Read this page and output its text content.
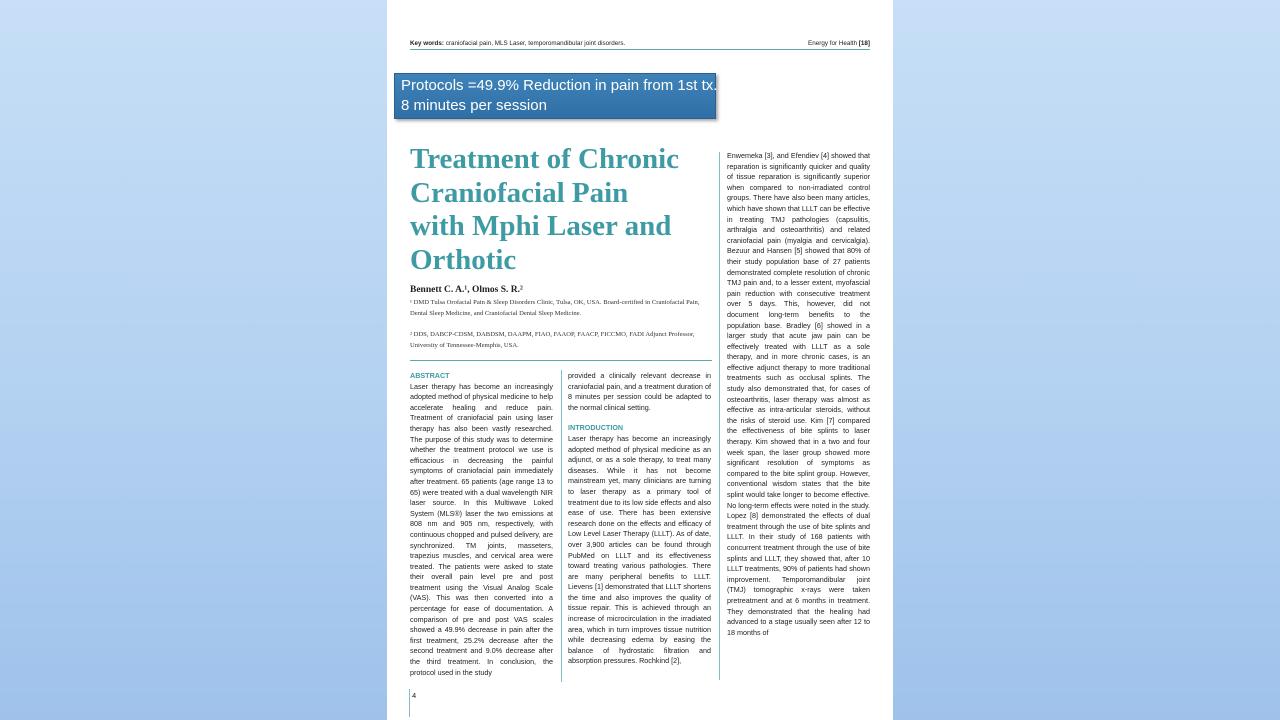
Key words: craniofacial pain, MLS Laser, temporomandibular joint disorders.	Energy for Health [18]
Protocols =49.9% Reduction in pain from 1st tx.
8 minutes per session
Treatment of Chronic
Craniofacial Pain
with Mphi Laser and
Orthotic
Bennett C. A.¹, Olmos S. R.²
¹ DMD Tulsa Orofacial Pain & Sleep Disorders Clinic, Tulsa, OK, USA. Board-certified in Craniofacial Pain, Dental Sleep Medicine, and Craniofacial Dental Sleep Medicine.
² DDS, DABCP-CDSM, DABDSM, DAAPM, FIAO, FAAOP, FAACP, FICCMO, FADI Adjunct Professor, University of Tennessee-Memphis, USA.
ABSTRACT
Laser therapy has become an increasingly adopted method of physical medicine to help accelerate healing and reduce pain. Treatment of craniofacial pain using laser therapy has also been vastly researched. The purpose of this study was to determine whether the treatment protocol we use is efficacious in decreasing the painful symptoms of craniofacial pain immediately after treatment. 65 patients (age range 13 to 65) were treated with a dual wavelength NIR laser source. In this Multiwave Loked System (MLS®) laser the two emissions at 808 nm and 905 nm, respectively, with continuous chopped and pulsed delivery, are synchronized. TM joints, masseters, trapezius muscles, and cervical area were treated. The patients were asked to state their overall pain level pre and post treatment using the Visual Analog Scale (VAS). This was then converted into a percentage for ease of documentation. A comparison of pre and post VAS scales showed a 49.9% decrease in pain after the first treatment, 25.2% decrease after the second treatment and 9.0% decrease after the third treatment. In conclusion, the protocol used in the study
provided a clinically relevant decrease in craniofacial pain, and a treatment duration of 8 minutes per session could be adapted to the normal clinical setting.
INTRODUCTION
Laser therapy has become an increasingly adopted method of physical medicine as an adjunct, or as a sole therapy, to treat many diseases. While it has not become mainstream yet, many clinicians are turning to laser therapy as a primary tool of treatment due to its low side effects and also ease of use. There has been extensive research done on the effects and efficacy of Low Level Laser Therapy (LLLT). As of date, over 3,900 articles can be found through PubMed on LLLT and its effectiveness toward treating various pathologies. There are many peripheral benefits to LLLT. Lievens [1] demonstrated that LLLT shortens the time and also improves the quality of tissue repair. This is achieved through an increase of microcirculation in the irradiated area, which in turn improves tissue nutrition while decreasing edema by easing the balance of hydrostatic filtration and absorption pressures. Rochkind [2],
Enwemeka [3], and Efendiev [4] showed that reparation is significantly quicker and quality of tissue reparation is significantly superior when compared to non-irradiated control groups. There have also been many articles, which have shown that LLLT can be effective in treating TMJ pathologies (capsulitis, arthralgia and osteoarthritis) and related craniofacial pain (myalgia and cervicalgia). Bezuur and Hansen [5] showed that 80% of their study population base of 27 patients demonstrated complete resolution of chronic TMJ pain and, to a lesser extent, myofascial pain reduction with consecutive treatment over 5 days. This, however, did not document long-term benefits to the population base. Bradley [6] showed in a larger study that acute jaw pain can be effectively treated with LLLT as a sole therapy, and in more chronic cases, is an effective adjunct therapy to more traditional treatments such as occlusal splints. The study also demonstrated that, for cases of osteoarthritis, laser therapy was almost as effective as intra-articular steroids, without the risks of steroid use. Kim [7] compared the effectiveness of bite splints to laser therapy. Kim showed that in a two and four week span, the laser group showed more significant resolution of symptoms as compared to the bite splint group. However, conventional wisdom states that the bite splint would take longer to become effective. No long-term effects were noted in the study. Lopez [8] demonstrated the effects of dual treatment through the use of bite splints and LLLT. In their study of 168 patients with concurrent treatment through the use of bite splints and LLLT, they showed that, after 10 LLLT treatments, 90% of patients had shown improvement. Temporomandibular joint (TMJ) tomographic x-rays were taken pretreatment and at 6 months in treatment. They demonstrated that the healing had advanced to a stage usually seen after 12 to 18 months of
4
